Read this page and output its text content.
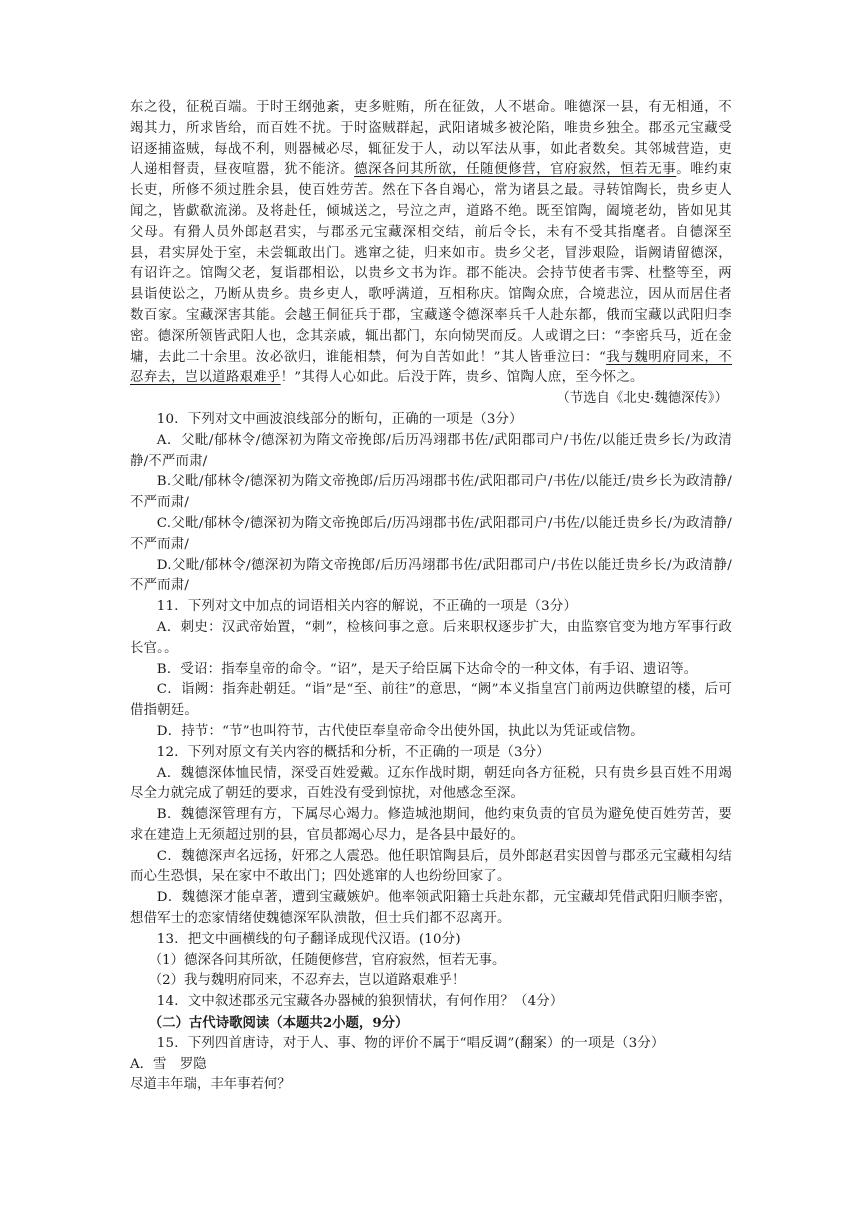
东之役，征税百端。于时王纲弛紊，吏多赃贿，所在征敛，人不堪命。唯德深一县，有无相通，不竭其力，所求皆给，而百姓不扰。于时盗贼群起，武阳诸城多被沦陷，唯贵乡独全。郡丞元宝藏受诏逐捕盗贼，每战不利，则器械必尽，辄征发于人，动以军法从事，如此者数矣。其邻城营造，吏人递相督责，昼夜喧嚣，犹不能济。德深各问其所欲，任随便修营，官府寂然，恒若无事。唯约束长吏，所修不须过胜余县，使百姓劳苦。然在下各自竭心，常为诸县之最。寻转馆陶长，贵乡吏人闻之，皆歔欷流涕。及将赴任，倾城送之，号泣之声，道路不绝。既至馆陶，阖境老幼，皆如见其父母。有猾人员外郎赵君实，与郡丞元宝藏深相交结，前后令长，未有不受其指麾者。自德深至县，君实屏处于室，未尝辄敢出门。逃窜之徒，归来如市。贵乡父老，冒涉艰险，诣阙请留德深，有诏许之。馆陶父老，复诣郡相讼，以贵乡文书为诈。郡不能决。会持节使者韦霁、杜整等至，两县诣使讼之，乃断从贵乡。贵乡吏人，歌呼满道，互相称庆。馆陶众庶，合境悲泣，因从而居住者数百家。宝藏深害其能。会越王侗征兵于郡，宝藏遂令德深率兵千人赴东都，俄而宝藏以武阳归李密。德深所领皆武阳人也，念其亲戚，辄出都门，东向恸哭而反。人或谓之曰：“李密兵马，近在金墉，去此二十余里。汝必欲归，谁能相禁，何为自苦如此！”其人皆垂泣曰：“我与魏明府同来，不忍弃去，岂以道路艰难乎！”其得人心如此。后没于阵，贵乡、馆陶人庶，至今怀之。

（节选自《北史·魏德深传》）

10．下列对文中画波浪线部分的断句，正确的一项是（3分）

A．父毗/郁林令/德深初为隋文帝挽郎/后历冯翊郡书佐/武阳郡司户/书佐/以能迁贵乡长/为政清静/不严而肃/

B.父毗/郁林令/德深初为隋文帝挽郎/后历冯翊郡书佐/武阳郡司户/书佐/以能迁/贵乡长为政清静/不严而肃/

C.父毗/郁林令/德深初为隋文帝挽郎后/历冯翊郡书佐/武阳郡司户/书佐/以能迁贵乡长/为政清静/不严而肃/

D.父毗/郁林令/德深初为隋文帝挽郎/后历冯翊郡书佐/武阳郡司户/书佐以能迁贵乡长/为政清静/不严而肃/

11．下列对文中加点的词语相关内容的解说，不正确的一项是（3分）

A．刺史：汉武帝始置，“刺”，检核问事之意。后来职权逐步扩大，由监察官变为地方军事行政长官。。

B．受诏：指奉皇帝的命令。“诏”，是天子给臣属下达命令的一种文体，有手诏、遗诏等。

C．诣阙：指奔赴朝廷。“诣”是“至、前往”的意思，“阙”本义指皇宫门前两边供瞭望的楼，后可借指朝廷。

D．持节：“节”也叫符节，古代使臣奉皇帝命令出使外国，执此以为凭证或信物。

12．下列对原文有关内容的概括和分析，不正确的一项是（3分）

A．魏德深体恤民情，深受百姓爱戴。辽东作战时期，朝廷向各方征税，只有贵乡县百姓不用竭尽全力就完成了朝廷的要求，百姓没有受到惊扰，对他感念至深。

B．魏德深管理有方，下属尽心竭力。修造城池期间，他约束负责的官员为避免使百姓劳苦，要求在建造上无须超过别的县，官员都竭心尽力，是各县中最好的。

C．魏德深声名远扬，奸邪之人震恐。他任职馆陶县后，员外郎赵君实因曾与郡丞元宝藏相勾结而心生恐惧，呆在家中不敢出门；四处逃窜的人也纷纷回家了。

D．魏德深才能卓著，遭到宝藏嫉妒。他率领武阳籍士兵赴东都，元宝藏却凭借武阳归顺李密，想借军士的恋家情绪使魏德深军队溃散，但士兵们都不忍离开。

13．把文中画横线的句子翻译成现代汉语。(10分)

（1）德深各问其所欲，任随便修营，官府寂然，恒若无事。

（2）我与魏明府同来，不忍弃去，岂以道路艰难乎！

14．文中叙述郡丞元宝藏各办器械的狼狈情状，有何作用？（4分）

（二）古代诗歌阅读（本题共2小题，9分）

15．下列四首唐诗，对于人、事、物的评价不属于“唱反调”(翻案）的一项是（3分）

A．雪　罗隐

尽道丰年瑞，丰年事若何？
